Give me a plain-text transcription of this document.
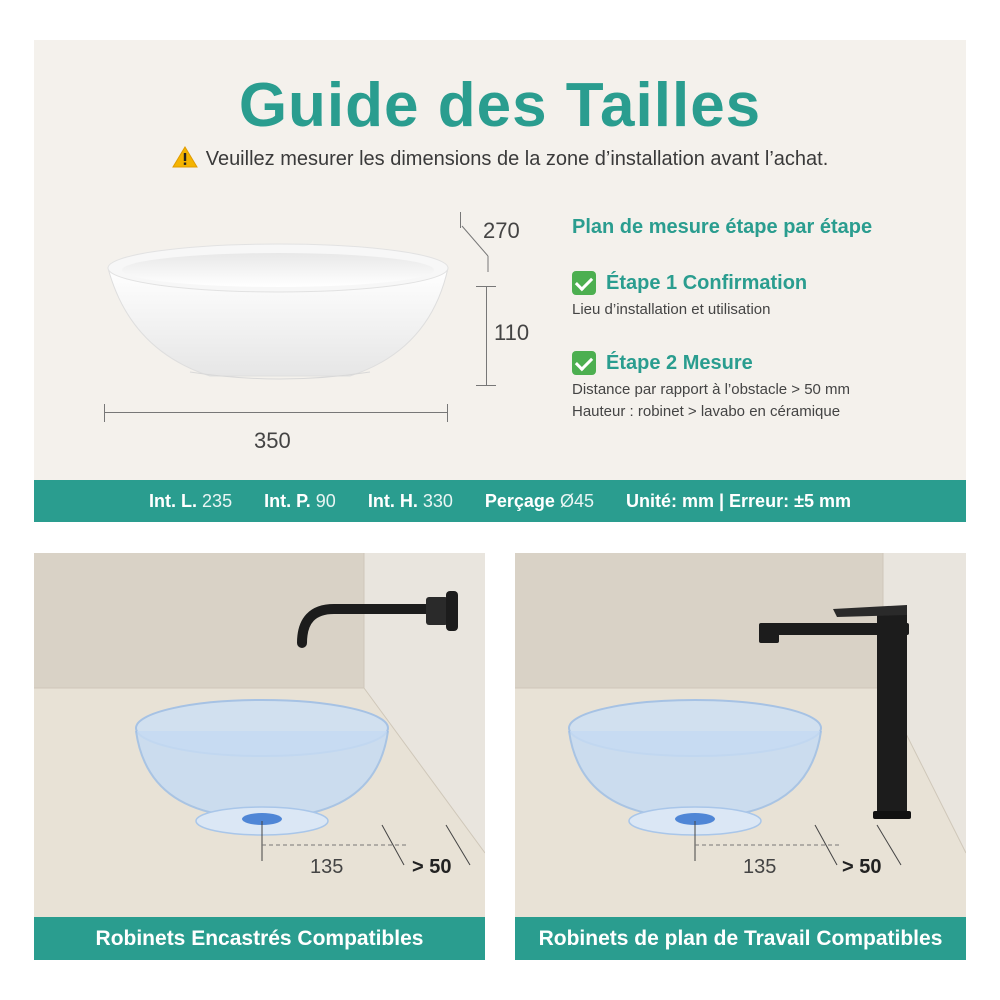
Guide des Tailles
Veuillez mesurer les dimensions de la zone d’installation avant l’achat.
270
110
350
Plan de mesure étape par étape
Étape 1 Confirmation
Lieu d’installation et utilisation
Étape 2 Mesure
Distance par rapport à l’obstacle > 50 mm
Hauteur : robinet > lavabo en céramique
Int. L. 235 Int. P. 90 Int. H. 330 Perçage Ø45 Unité: mm | Erreur: ±5 mm
135	> 50
Robinets Encastrés Compatibles
135	> 50
Robinets de plan de Travail Compatibles
